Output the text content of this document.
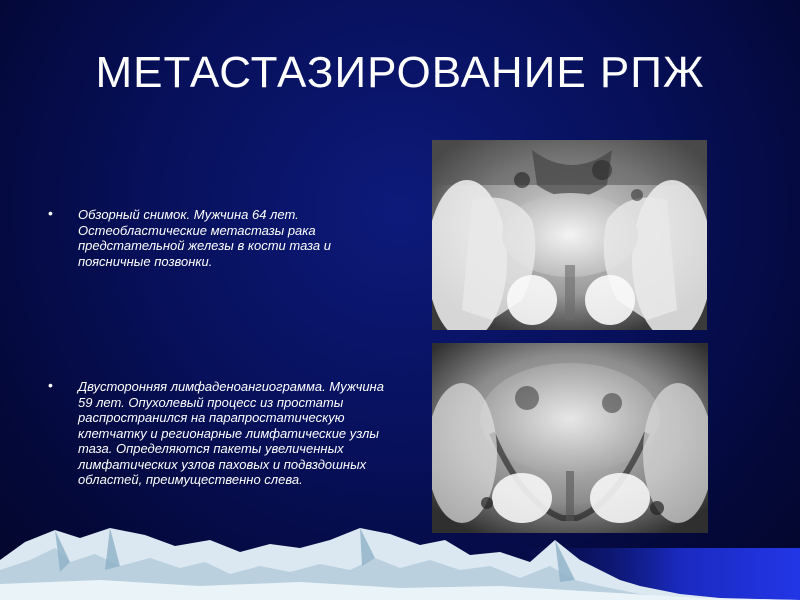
МЕТАСТАЗИРОВАНИЕ РПЖ
• Обзорный снимок. Мужчина 64 лет. Остеобластические метастазы рака предстательной железы в кости таза и поясничные позвонки.
• Двусторонняя лимфаденоангиограмма. Мужчина 59 лет. Опухолевый процесс из простаты распространился на парапростатическую клетчатку и регионарные лимфатические узлы таза. Определяются пакеты увеличенных лимфатических узлов паховых и подвздошных областей, преимущественно слева.
